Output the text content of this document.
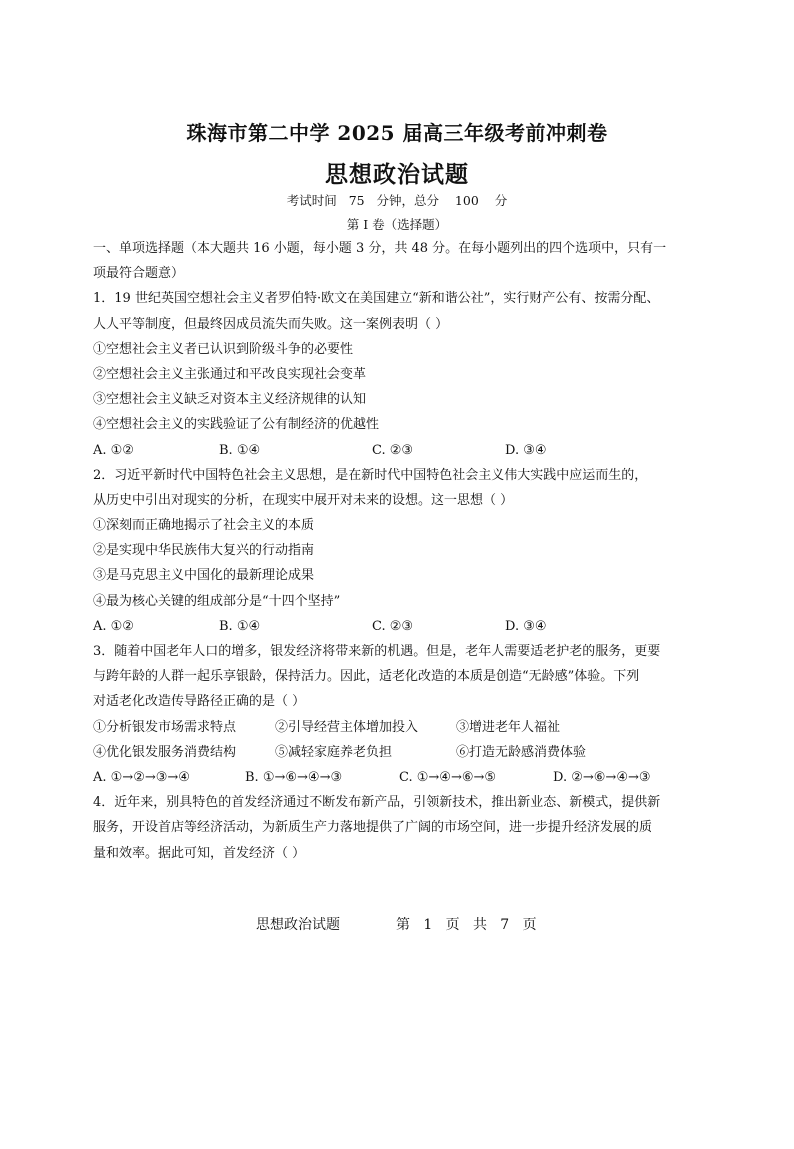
珠海市第二中学 2025 届高三年级考前冲刺卷
思想政治试题
考试时间   75   分钟，总分    100    分
第 I 卷（选择题）
一、单项选择题（本大题共 16 小题，每小题 3 分，共 48 分。在每小题列出的四个选项中，只有一
项最符合题意）
1．19 世纪英国空想社会主义者罗伯特·欧文在美国建立“新和谐公社”，实行财产公有、按需分配、
人人平等制度，但最终因成员流失而失败。这一案例表明（ ）
①空想社会主义者已认识到阶级斗争的必要性
②空想社会主义主张通过和平改良实现社会变革
③空想社会主义缺乏对资本主义经济规律的认知
④空想社会主义的实践验证了公有制经济的优越性
A. ①②	B. ①④	C. ②③	D. ③④
2．习近平新时代中国特色社会主义思想，是在新时代中国特色社会主义伟大实践中应运而生的，
从历史中引出对现实的分析，在现实中展开对未来的设想。这一思想（ ）
①深刻而正确地揭示了社会主义的本质
②是实现中华民族伟大复兴的行动指南
③是马克思主义中国化的最新理论成果
④最为核心关键的组成部分是“十四个坚持”
A. ①②	B. ①④	C. ②③	D. ③④
3．随着中国老年人口的增多，银发经济将带来新的机遇。但是，老年人需要适老护老的服务，更要
与跨年龄的人群一起乐享银龄，保持活力。因此，适老化改造的本质是创造“无龄感”体验。下列
对适老化改造传导路径正确的是（ ）
①分析银发市场需求特点	②引导经营主体增加投入	③增进老年人福祉
④优化银发服务消费结构	⑤减轻家庭养老负担	⑥打造无龄感消费体验
A. ①→②→③→④	B. ①→⑥→④→③	C. ①→④→⑥→⑤	D. ②→⑥→④→③
4．近年来，别具特色的首发经济通过不断发布新产品，引领新技术，推出新业态、新模式，提供新
服务，开设首店等经济活动，为新质生产力落地提供了广阔的市场空间，进一步提升经济发展的质
量和效率。据此可知，首发经济（ ）
思想政治试题	第   1   页   共   7   页
